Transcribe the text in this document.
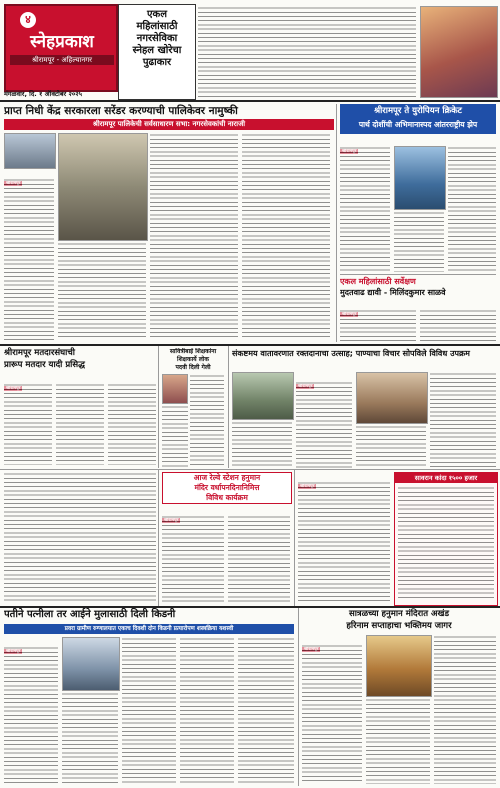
४
स्नेहप्रकाश
श्रीरामपूर - अहिल्यानगर
मंगळवार, दि. १ ऑक्टोबर २०२५
एकल
महिलांसाठी
नगरसेविका
स्नेहल खोरेचा
पुढाकार
प्राप्त निधी केंद्र सरकारला सरेंडर करण्याची पालिकेवर नामुष्की
श्रीरामपूर पालिकेची सर्वसाधारण सभा: नगरसेवकांची नाराजी
श्रीरामपूर ते युरोपियन क्रिकेट
पार्थ दोशींची अभिमानास्पद आंतरराष्ट्रीय झेप
एकल महिलांसाठी सर्वेक्षण
मुदतवाढ द्यावी - मिलिंदकुमार साळवे
श्रीरामपूर मतदारसंघाची
प्रारूप मतदार यादी प्रसिद्ध
सावित्रीबाई शिक्षकांना
शिक्षकार्ये लोक
पदवी दिली गेली
संकष्टमय वातावरणात रक्तदानाचा उत्साह; पाण्याचा विचार सोपविले विविध उपक्रम
आज रेल्वे स्टेशन हनुमान
मंदिर वर्धापनदिनानिमित्त
विविध कार्यक्रम
सावरान कांदा १५०० हजार
पतीने पत्नीला तर आईने मुलासाठी दिली किडनी
प्रवरा ग्रामीण रुग्णालयात एकाच दिवशी दोन किडनी प्रत्यारोपण शस्त्रक्रिया यशस्वी
सात्रळच्या हनुमान मंदिरात अखंड
हरिनाम सप्ताहाचा भक्तिमय जागर
